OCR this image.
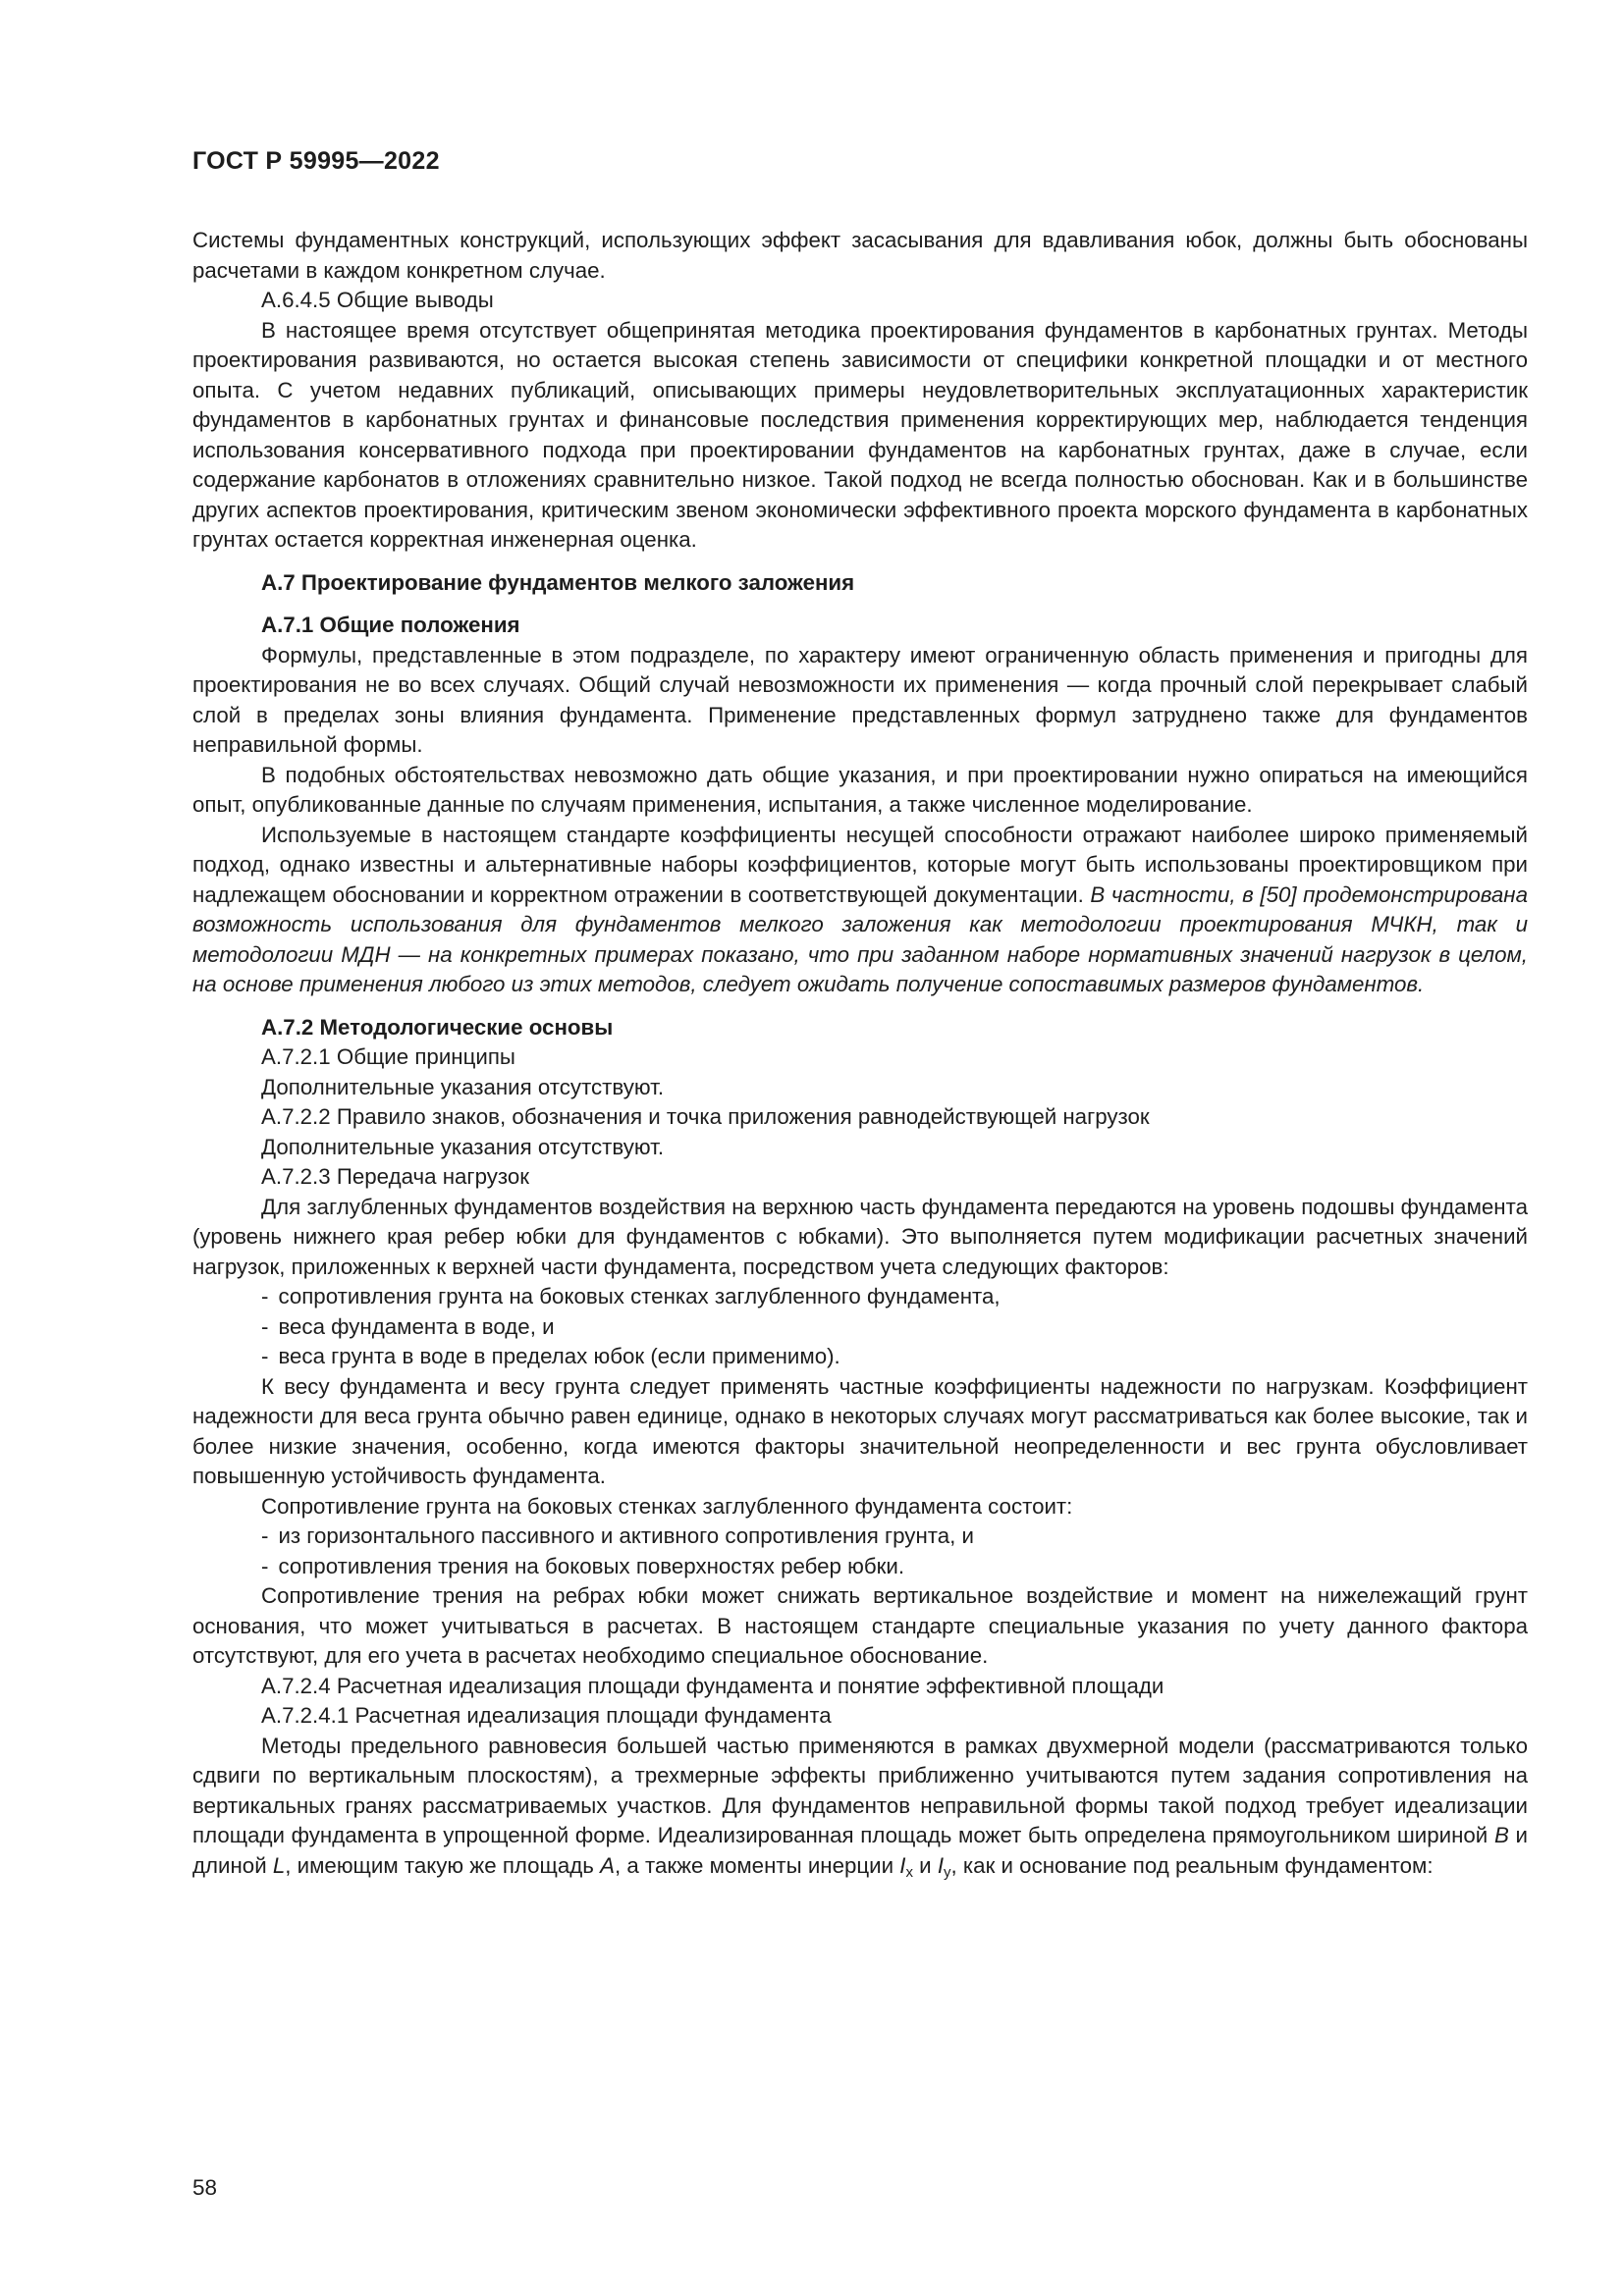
ГОСТ Р 59995—2022

Системы фундаментных конструкций, использующих эффект засасывания для вдавливания юбок, должны быть обоснованы расчетами в каждом конкретном случае.

А.6.4.5 Общие выводы

В настоящее время отсутствует общепринятая методика проектирования фундаментов в карбонатных грунтах. Методы проектирования развиваются, но остается высокая степень зависимости от специфики конкретной площадки и от местного опыта. С учетом недавних публикаций, описывающих примеры неудовлетворительных эксплуатационных характеристик фундаментов в карбонатных грунтах и финансовые последствия применения корректирующих мер, наблюдается тенденция использования консервативного подхода при проектировании фундаментов на карбонатных грунтах, даже в случае, если содержание карбонатов в отложениях сравнительно низкое. Такой подход не всегда полностью обоснован. Как и в большинстве других аспектов проектирования, критическим звеном экономически эффективного проекта морского фундамента в карбонатных грунтах остается корректная инженерная оценка.

А.7 Проектирование фундаментов мелкого заложения

А.7.1 Общие положения

Формулы, представленные в этом подразделе, по характеру имеют ограниченную область применения и пригодны для проектирования не во всех случаях. Общий случай невозможности их применения — когда прочный слой перекрывает слабый слой в пределах зоны влияния фундамента. Применение представленных формул затруднено также для фундаментов неправильной формы.

В подобных обстоятельствах невозможно дать общие указания, и при проектировании нужно опираться на имеющийся опыт, опубликованные данные по случаям применения, испытания, а также численное моделирование.

Используемые в настоящем стандарте коэффициенты несущей способности отражают наиболее широко применяемый подход, однако известны и альтернативные наборы коэффициентов, которые могут быть использованы проектировщиком при надлежащем обосновании и корректном отражении в соответствующей документации. В частности, в [50] продемонстрирована возможность использования для фундаментов мелкого заложения как методологии проектирования МЧКН, так и методологии МДН — на конкретных примерах показано, что при заданном наборе нормативных значений нагрузок в целом, на основе применения любого из этих методов, следует ожидать получение сопоставимых размеров фундаментов.

А.7.2 Методологические основы

А.7.2.1 Общие принципы

Дополнительные указания отсутствуют.

А.7.2.2 Правило знаков, обозначения и точка приложения равнодействующей нагрузок

Дополнительные указания отсутствуют.

А.7.2.3 Передача нагрузок

Для заглубленных фундаментов воздействия на верхнюю часть фундамента передаются на уровень подошвы фундамента (уровень нижнего края ребер юбки для фундаментов с юбками). Это выполняется путем модификации расчетных значений нагрузок, приложенных к верхней части фундамента, посредством учета следующих факторов:

- сопротивления грунта на боковых стенках заглубленного фундамента,

- веса фундамента в воде, и

- веса грунта в воде в пределах юбок (если применимо).

К весу фундамента и весу грунта следует применять частные коэффициенты надежности по нагрузкам. Коэффициент надежности для веса грунта обычно равен единице, однако в некоторых случаях могут рассматриваться как более высокие, так и более низкие значения, особенно, когда имеются факторы значительной неопределенности и вес грунта обусловливает повышенную устойчивость фундамента.

Сопротивление грунта на боковых стенках заглубленного фундамента состоит:

- из горизонтального пассивного и активного сопротивления грунта, и

- сопротивления трения на боковых поверхностях ребер юбки.

Сопротивление трения на ребрах юбки может снижать вертикальное воздействие и момент на нижележащий грунт основания, что может учитываться в расчетах. В настоящем стандарте специальные указания по учету данного фактора отсутствуют, для его учета в расчетах необходимо специальное обоснование.

А.7.2.4 Расчетная идеализация площади фундамента и понятие эффективной площади

А.7.2.4.1 Расчетная идеализация площади фундамента

Методы предельного равновесия большей частью применяются в рамках двухмерной модели (рассматриваются только сдвиги по вертикальным плоскостям), а трехмерные эффекты приближенно учитываются путем задания сопротивления на вертикальных гранях рассматриваемых участков. Для фундаментов неправильной формы такой подход требует идеализации площади фундамента в упрощенной форме. Идеализированная площадь может быть определена прямоугольником шириной B и длиной L, имеющим такую же площадь A, а также моменты инерции $I_x$ и $I_y$, как и основание под реальным фундаментом:

58
